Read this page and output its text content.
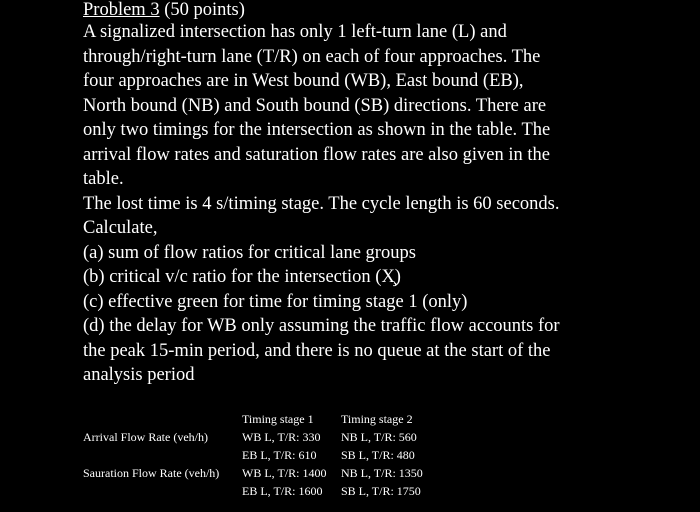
Problem 3 (50 points)

A signalized intersection has only 1 left-turn lane (L) and
through/right-turn lane (T/R) on each of four approaches. The
four approaches are in West bound (WB), East bound (EB),
North bound (NB) and South bound (SB) directions. There are
only two timings for the intersection as shown in the table. The
arrival flow rates and saturation flow rates are also given in the
table.
The lost time is 4 s/timing stage. The cycle length is 60 seconds.
Calculate,
(a) sum of flow ratios for critical lane groups
(b) critical v/c ratio for the intersection (X̧)
(c) effective green for time for timing stage 1 (only)
(d) the delay for WB only assuming the traffic flow accounts for
the peak 15-min period, and there is no queue at the start of the
analysis period
Timing stage 1 Timing stage 2
Arrival Flow Rate (veh/h)	WB L, T/R: 330 NB L, T/R: 560
EB L, T/R: 610 SB L, T/R: 480
Sauration Flow Rate (veh/h) WB L, T/R: 1400 NB L, T/R: 1350
EB L, T/R: 1600 SB L, T/R: 1750
